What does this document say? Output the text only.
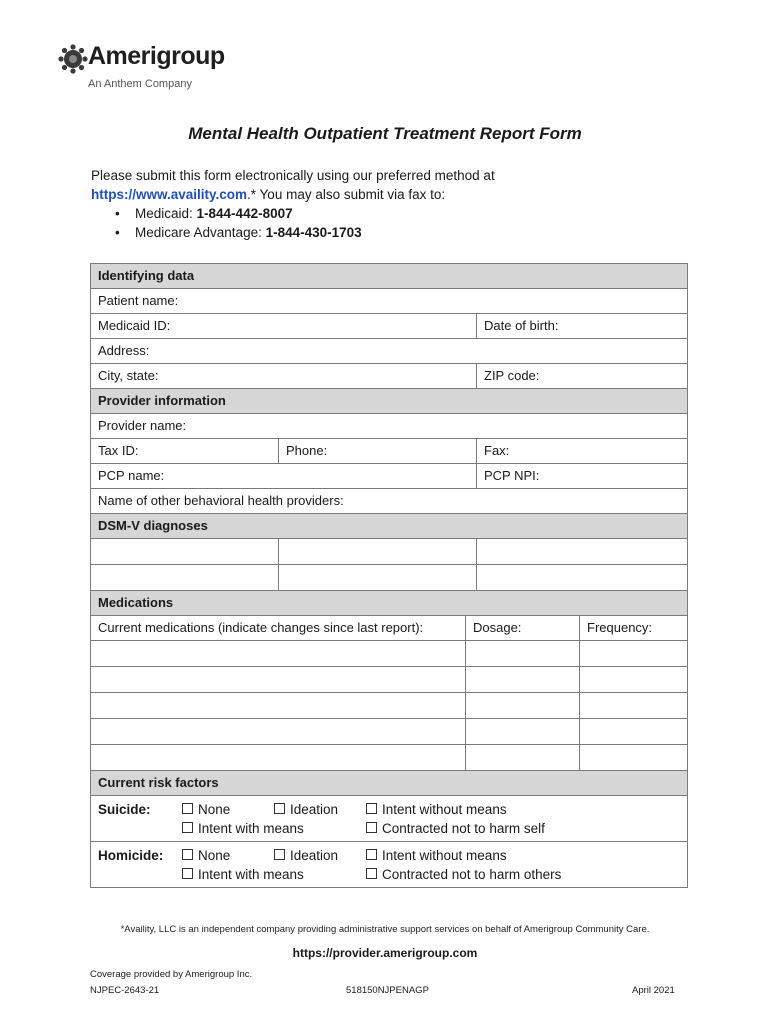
Amerigroup
An Anthem Company
Mental Health Outpatient Treatment Report Form
Please submit this form electronically using our preferred method at
https://www.availity.com.* You may also submit via fax to:
• Medicaid: 1-844-442-8007
• Medicare Advantage: 1-844-430-1703
Identifying data
Patient name:
Medicaid ID:	Date of birth:
Address:
City, state:	ZIP code:
Provider information
Provider name:
Tax ID:	Phone:	Fax:
PCP name:	PCP NPI:
Name of other behavioral health providers:
DSM-V diagnoses
Medications
Current medications (indicate changes since last report):	Dosage:	Frequency:
Current risk factors
Suicide:	None	Ideation	Intent without means
Intent with means	Contracted not to harm self
Homicide:	None	Ideation	Intent without means
Intent with means	Contracted not to harm others
*Availity, LLC is an independent company providing administrative support services on behalf of Amerigroup Community Care.
https://provider.amerigroup.com
Coverage provided by Amerigroup Inc.
NJPEC-2643-21	518150NJPENAGP	April 2021
